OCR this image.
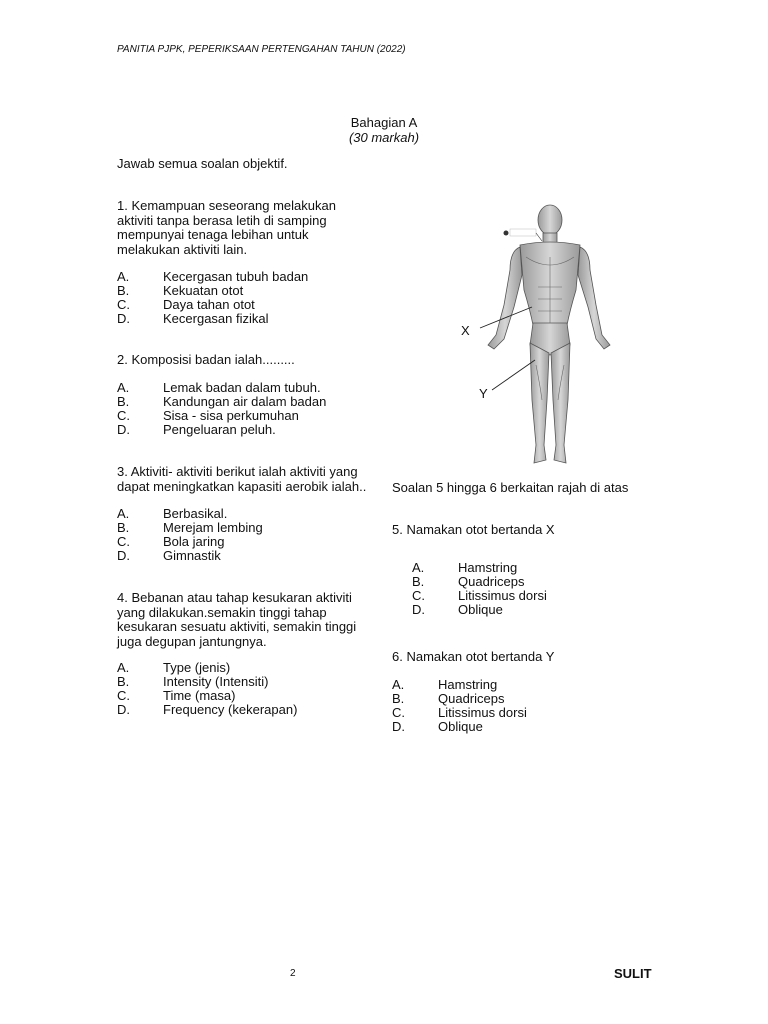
PANITIA PJPK, PEPERIKSAAN PERTENGAHAN TAHUN (2022)
Bahagian A
(30 markah)
Jawab semua soalan objektif.
1. Kemampuan seseorang melakukan aktiviti tanpa berasa letih di samping mempunyai tenaga lebihan untuk melakukan aktiviti lain.
A.	Kecergasan tubuh badan
B.	Kekuatan otot
C.	Daya tahan otot
D.	Kecergasan fizikal
2. Komposisi badan ialah.........
A.	Lemak badan dalam tubuh.
B.	Kandungan air dalam badan
C.	Sisa - sisa perkumuhan
D.	Pengeluaran peluh.
3. Aktiviti- aktiviti berikut ialah aktiviti yang dapat meningkatkan kapasiti aerobik ialah..
A.	Berbasikal.
B.	Merejam lembing
C.	Bola jaring
D.	Gimnastik
4. Bebanan atau tahap kesukaran aktiviti yang dilakukan.semakin tinggi tahap kesukaran sesuatu aktiviti, semakin tinggi juga degupan jantungnya.
A.	Type (jenis)
B.	Intensity (Intensiti)
C.	Time (masa)
D.	Frequency (kekerapan)
X
Y
Soalan 5 hingga 6 berkaitan rajah di atas
5. Namakan otot bertanda X
A.	Hamstring
B.	Quadriceps
C.	Litissimus dorsi
D.	Oblique
6. Namakan otot bertanda Y
A.	Hamstring
B.	Quadriceps
C.	Litissimus dorsi
D.	Oblique
2	SULIT
